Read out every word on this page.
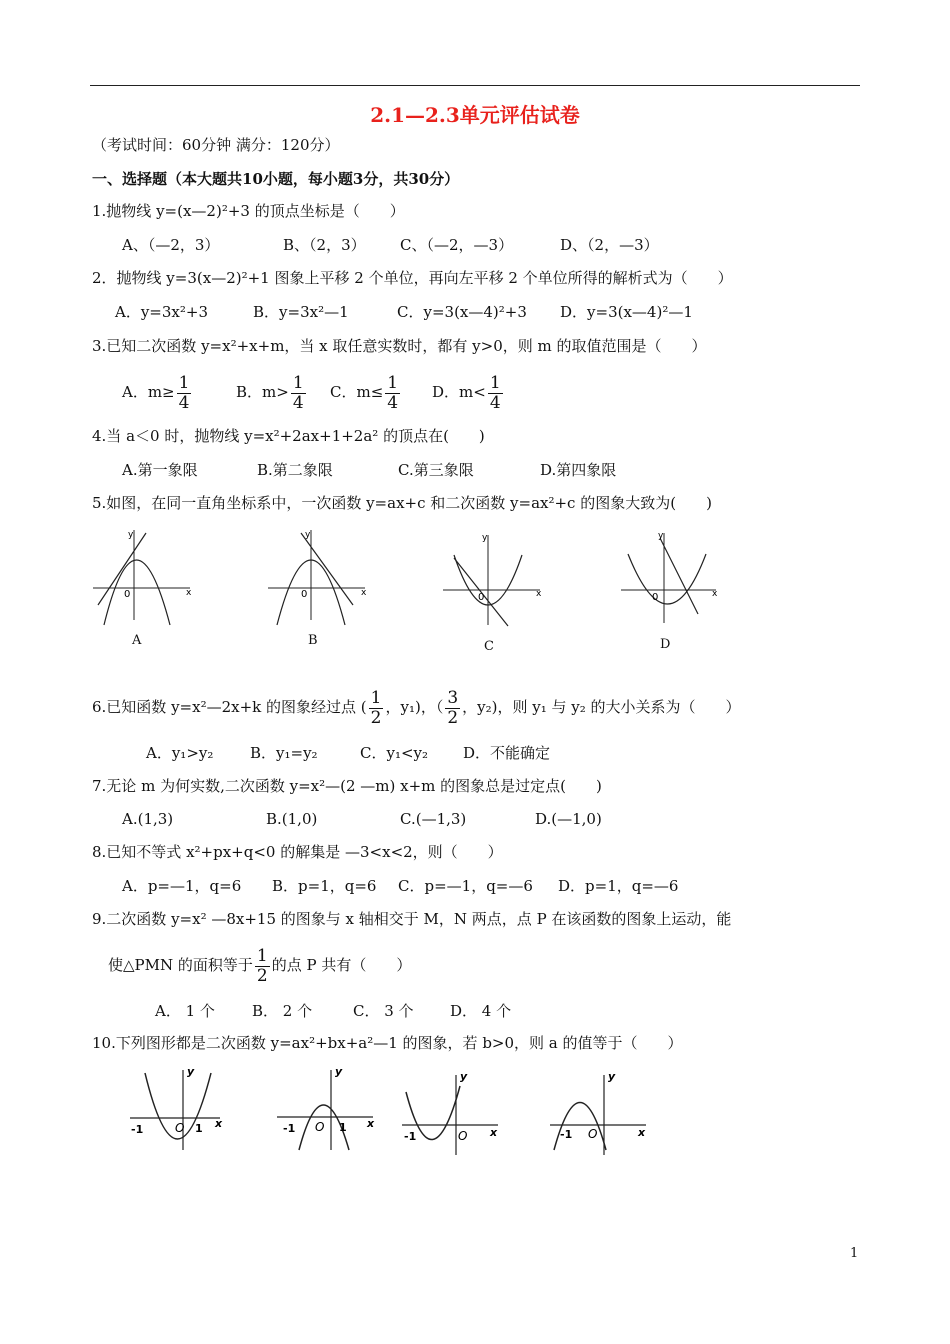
2.1—2.3单元评估试卷
（考试时间：60分钟 满分：120分）
一、选择题（本大题共10小题，每小题3分，共30分）
1.抛物线 y=(x—2)²+3 的顶点坐标是（　　）
A、（—2，3）	B、（2，3） C、（—2，—3）	D、（2，—3）
2．抛物线 y=3(x—2)²+1 图象上平移 2 个单位，再向左平移 2 个单位所得的解析式为（　　）
A．y=3x²+3	B．y=3x²—1	C．y=3(x—4)²+3 D．y=3(x—4)²—1
3.已知二次函数 y=x²+x+m，当 x 取任意实数时，都有 y>0，则 m 的取值范围是（　　）
A．$m\ge \frac{1}{4}$	B．$m> \frac{1}{4}$ C．$m\le \frac{1}{4}$ D．$m< \frac{1}{4}$
4.当 a＜0 时，抛物线 y=x²+2ax+1+2a² 的顶点在(　　)
A.第一象限	B.第二象限	C.第三象限	D.第四象限
5.如图，在同一直角坐标系中，一次函数 y=ax+c 和二次函数 y=ax²+c 的图象大致为(　　)
y
x
0
A
y
x
0
B
y
x
0
C
y
x
0
D
6.已知函数 y=x²—2x+k 的图象经过点 ( $\frac{1}{2}$ ，y₁)，（ $\frac{3}{2}$ ，y₂)，则 y₁ 与 y₂ 的大小关系为（　　）
A．y₁>y₂ B．y₁=y₂	C．y₁<y₂ D．不能确定
7.无论 m 为何实数,二次函数 y=x²—(2 —m) x+m 的图象总是过定点(　　)
A.(1,3)	B.(1,0)	C.(—1,3)	D.(—1,0)
8.已知不等式 x²+px+q<0 的解集是 —3<x<2，则（　　）
A．p=—1，q=6 B．p=1，q=6 C．p=—1，q=—6 D．p=1，q=—6
9.二次函数 y=x² —8x+15 的图象与 x 轴相交于 M，N 两点，点 P 在该函数的图象上运动，能
使△PMN 的面积等于 $\frac{1}{2}$ 的点 P 共有（　　）
A． 1 个 B． 2 个	C． 3 个 D． 4 个
10.下列图形都是二次函数 y=ax²+bx+a²—1 的图象，若 b>0，则 a 的值等于（　　）
y
x
-1	O 1
y
x
-1 O 1
y
x
-1	O
y
x
-1 O
1
